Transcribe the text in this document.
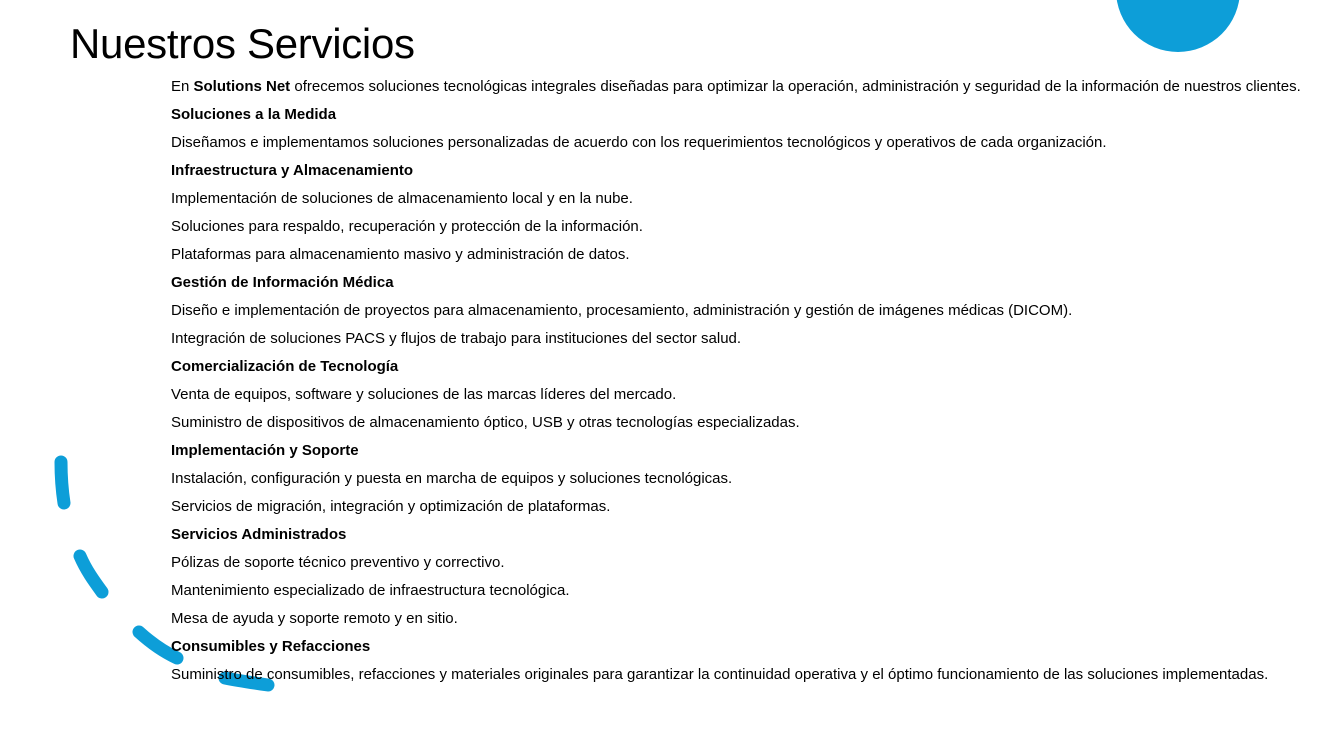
Nuestros Servicios

En Solutions Net ofrecemos soluciones tecnológicas integrales diseñadas para optimizar la operación, administración y seguridad de la información de nuestros clientes.

Soluciones a la Medida

Diseñamos e implementamos soluciones personalizadas de acuerdo con los requerimientos tecnológicos y operativos de cada organización.

Infraestructura y Almacenamiento

Implementación de soluciones de almacenamiento local y en la nube.

Soluciones para respaldo, recuperación y protección de la información.

Plataformas para almacenamiento masivo y administración de datos.

Gestión de Información Médica

Diseño e implementación de proyectos para almacenamiento, procesamiento, administración y gestión de imágenes médicas (DICOM).

Integración de soluciones PACS y flujos de trabajo para instituciones del sector salud.

Comercialización de Tecnología

Venta de equipos, software y soluciones de las marcas líderes del mercado.

Suministro de dispositivos de almacenamiento óptico, USB y otras tecnologías especializadas.

Implementación y Soporte

Instalación, configuración y puesta en marcha de equipos y soluciones tecnológicas.

Servicios de migración, integración y optimización de plataformas.

Servicios Administrados

Pólizas de soporte técnico preventivo y correctivo.

Mantenimiento especializado de infraestructura tecnológica.

Mesa de ayuda y soporte remoto y en sitio.

Consumibles y Refacciones

Suministro de consumibles, refacciones y materiales originales para garantizar la continuidad operativa y el óptimo funcionamiento de las soluciones implementadas.
